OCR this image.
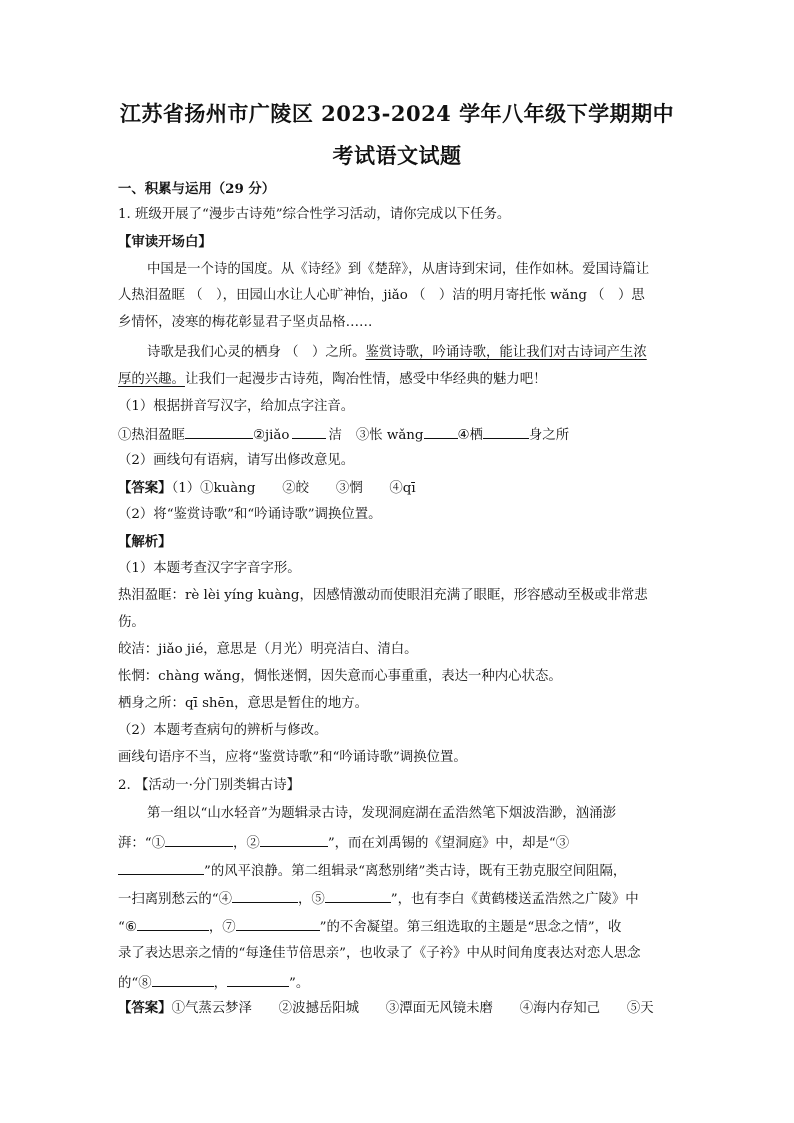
江苏省扬州市广陵区 2023-2024 学年八年级下学期期中
考试语文试题
一、积累与运用（29 分）
1. 班级开展了“漫步古诗苑”综合性学习活动，请你完成以下任务。
【审读开场白】
中国是一个诗的国度。从《诗经》到《楚辞》，从唐诗到宋词，佳作如林。爱国诗篇让
人热泪盈眶 （　），田园山水让人心旷神怡，jiǎo （　）洁的明月寄托怅 wǎng （　）思
乡情怀，凌寒的梅花彰显君子坚贞品格……
诗歌是我们心灵的栖身 （　）之所。鉴赏诗歌，吟诵诗歌，能让我们对古诗词产生浓
厚的兴趣。让我们一起漫步古诗苑，陶冶性情，感受中华经典的魅力吧！
（1）根据拼音写汉字，给加点字注音。
①热泪盈眶	②jiǎo	洁 ③怅 wǎng	④栖	身之所
（2）画线句有语病，请写出修改意见。
【答案】（1）①kuàng　　②皎　　③惘　　④qī
（2）将“鉴赏诗歌”和“吟诵诗歌”调换位置。
【解析】
（1）本题考查汉字字音字形。
热泪盈眶：rè lèi yíng kuàng，因感情激动而使眼泪充满了眼眶，形容感动至极或非常悲
伤。
皎洁：jiǎo jié，意思是（月光）明亮洁白、清白。
怅惘：chàng wǎng，惆怅迷惘，因失意而心事重重，表达一种内心状态。
栖身之所：qī shēn，意思是暂住的地方。
（2）本题考查病句的辨析与修改。
画线句语序不当，应将“鉴赏诗歌”和“吟诵诗歌”调换位置。
2. 【活动一·分门别类辑古诗】
第一组以“山水轻音”为题辑录古诗，发现洞庭湖在孟浩然笔下烟波浩渺，汹涌澎
湃：“①	，②	”，而在刘禹锡的《望洞庭》中，却是“③
”的风平浪静。第二组辑录“离愁别绪”类古诗，既有王勃克服空间阻隔，
一扫离别愁云的“④	，⑤	”，也有李白《黄鹤楼送孟浩然之广陵》中
“⑥	，⑦	”的不舍凝望。第三组选取的主题是“思念之情”，收
录了表达思亲之情的“每逢佳节倍思亲”，也收录了《子衿》中从时间角度表达对恋人思念
的“⑧	，	”。
【答案】①气蒸云梦泽　　②波撼岳阳城　　③潭面无风镜未磨　　④海内存知己　　⑤天
